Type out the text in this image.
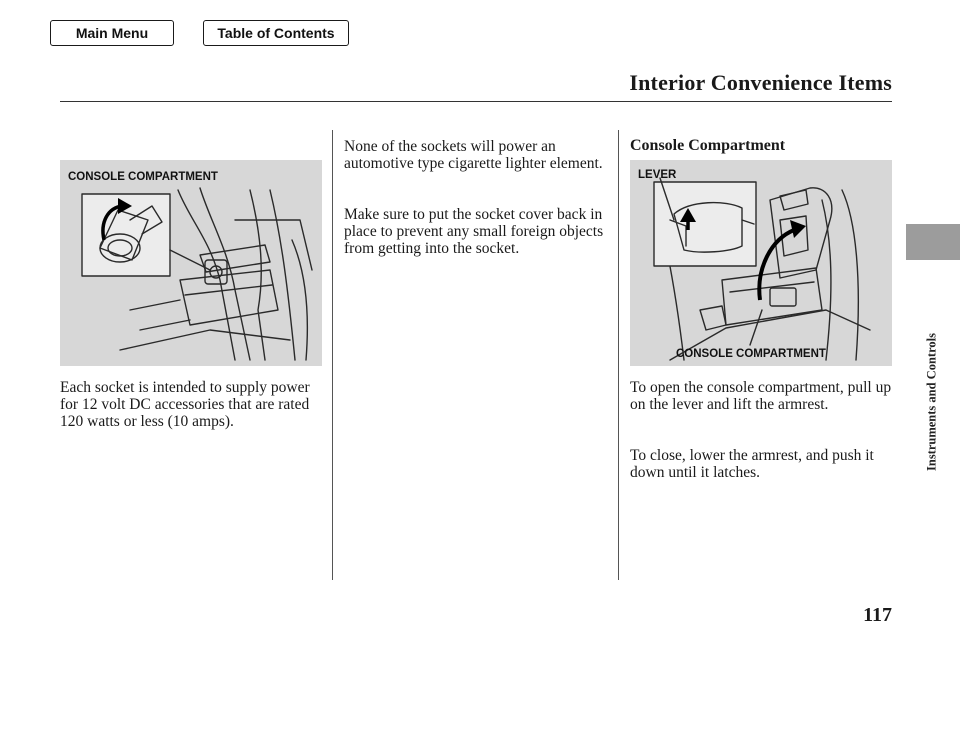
Main Menu	Table of Contents
Interior Convenience Items
Instruments and Controls
CONSOLE COMPARTMENT	LEVER
CONSOLE COMPARTMENT

Each socket is intended to supply power for 12 volt DC accessories that are rated 120 watts or less (10 amps).

None of the sockets will power an automotive type cigarette lighter element.

Make sure to put the socket cover back in place to prevent any small foreign objects from getting into the socket.

Console Compartment

To open the console compartment, pull up on the lever and lift the armrest.

To close, lower the armrest, and push it down until it latches.

117
